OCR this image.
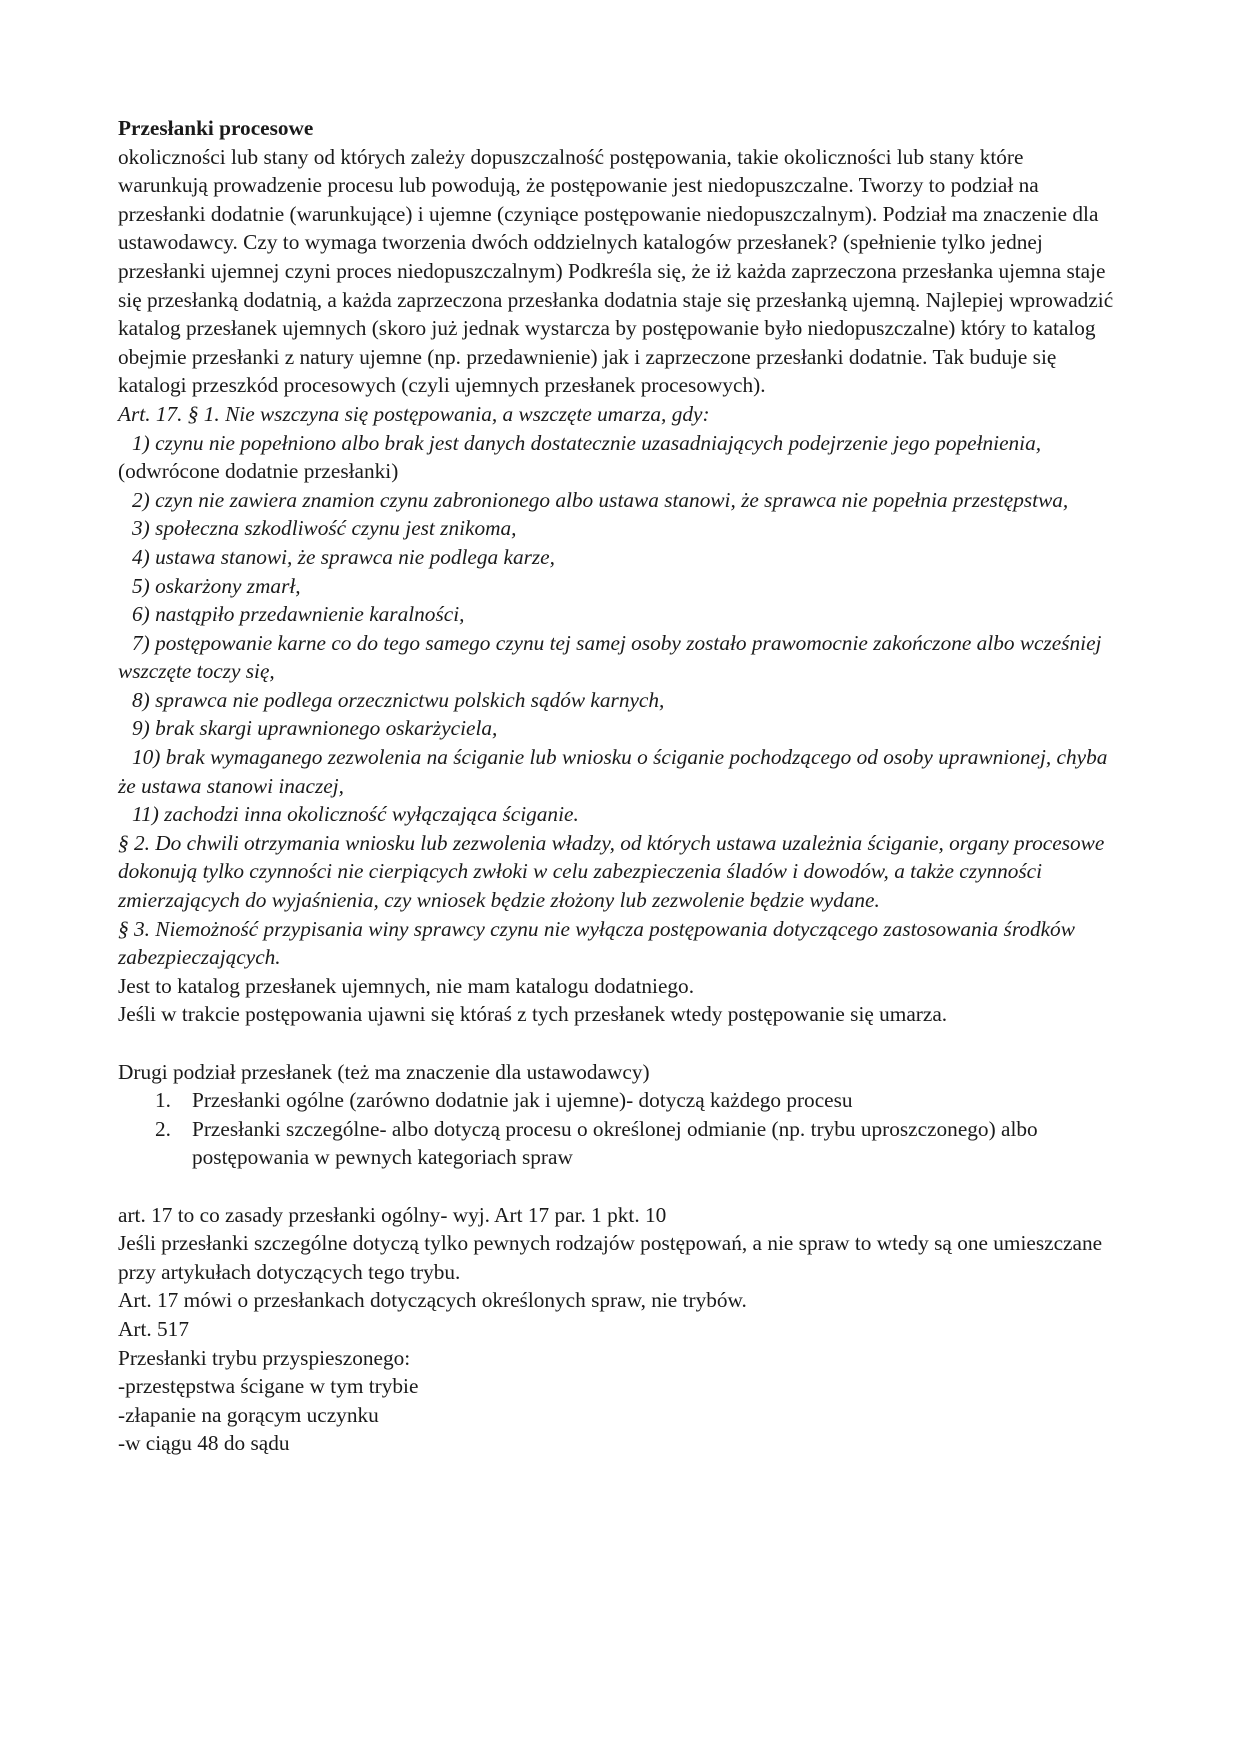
Przesłanki procesowe

okoliczności lub stany od których zależy dopuszczalność postępowania, takie okoliczności lub stany które warunkują prowadzenie procesu lub powodują, że postępowanie jest niedopuszczalne. Tworzy to podział na przesłanki dodatnie (warunkujące) i ujemne (czyniące postępowanie niedopuszczalnym). Podział ma znaczenie dla ustawodawcy. Czy to wymaga tworzenia dwóch oddzielnych katalogów przesłanek? (spełnienie tylko jednej przesłanki ujemnej czyni proces niedopuszczalnym) Podkreśla się, że iż każda zaprzeczona przesłanka ujemna staje się przesłanką dodatnią, a każda zaprzeczona przesłanka dodatnia staje się przesłanką ujemną. Najlepiej wprowadzić katalog przesłanek ujemnych (skoro już jednak wystarcza by postępowanie było niedopuszczalne) który to katalog obejmie przesłanki z natury ujemne (np. przedawnienie) jak i zaprzeczone przesłanki dodatnie. Tak buduje się katalogi przeszkód procesowych (czyli ujemnych przesłanek procesowych).

Art. 17. § 1. Nie wszczyna się postępowania, a wszczęte umarza, gdy:

1) czynu nie popełniono albo brak jest danych dostatecznie uzasadniających podejrzenie jego popełnienia,(odwrócone dodatnie przesłanki)

2) czyn nie zawiera znamion czynu zabronionego albo ustawa stanowi, że sprawca nie popełnia przestępstwa,

3) społeczna szkodliwość czynu jest znikoma,

4) ustawa stanowi, że sprawca nie podlega karze,

5) oskarżony zmarł,

6) nastąpiło przedawnienie karalności,

7) postępowanie karne co do tego samego czynu tej samej osoby zostało prawomocnie zakończone albo wcześniej wszczęte toczy się,

8) sprawca nie podlega orzecznictwu polskich sądów karnych,

9) brak skargi uprawnionego oskarżyciela,

10) brak wymaganego zezwolenia na ściganie lub wniosku o ściganie pochodzącego od osoby uprawnionej, chyba że ustawa stanowi inaczej,

11) zachodzi inna okoliczność wyłączająca ściganie.

§ 2. Do chwili otrzymania wniosku lub zezwolenia władzy, od których ustawa uzależnia ściganie, organy procesowe dokonują tylko czynności nie cierpiących zwłoki w celu zabezpieczenia śladów i dowodów, a także czynności zmierzających do wyjaśnienia, czy wniosek będzie złożony lub zezwolenie będzie wydane.

§ 3. Niemożność przypisania winy sprawcy czynu nie wyłącza postępowania dotyczącego zastosowania środków zabezpieczających.

Jest to katalog przesłanek ujemnych, nie mam katalogu dodatniego.

Jeśli w trakcie postępowania ujawni się któraś z tych przesłanek wtedy postępowanie się umarza.

Drugi podział przesłanek (też ma znaczenie dla ustawodawcy)

1. Przesłanki ogólne (zarówno dodatnie jak i ujemne)- dotyczą każdego procesu
2. Przesłanki szczególne- albo dotyczą procesu o określonej odmianie (np. trybu uproszczonego) albo postępowania w pewnych kategoriach spraw

art. 17 to co zasady przesłanki ogólny- wyj. Art 17 par. 1 pkt. 10

Jeśli przesłanki szczególne dotyczą tylko pewnych rodzajów postępowań, a nie spraw to wtedy są one umieszczane przy artykułach dotyczących tego trybu.

Art. 17 mówi o przesłankach dotyczących określonych spraw, nie trybów.

Art. 517

Przesłanki trybu przyspieszonego:

-przestępstwa ścigane w tym trybie

-złapanie na gorącym uczynku

-w ciągu 48 do sądu
